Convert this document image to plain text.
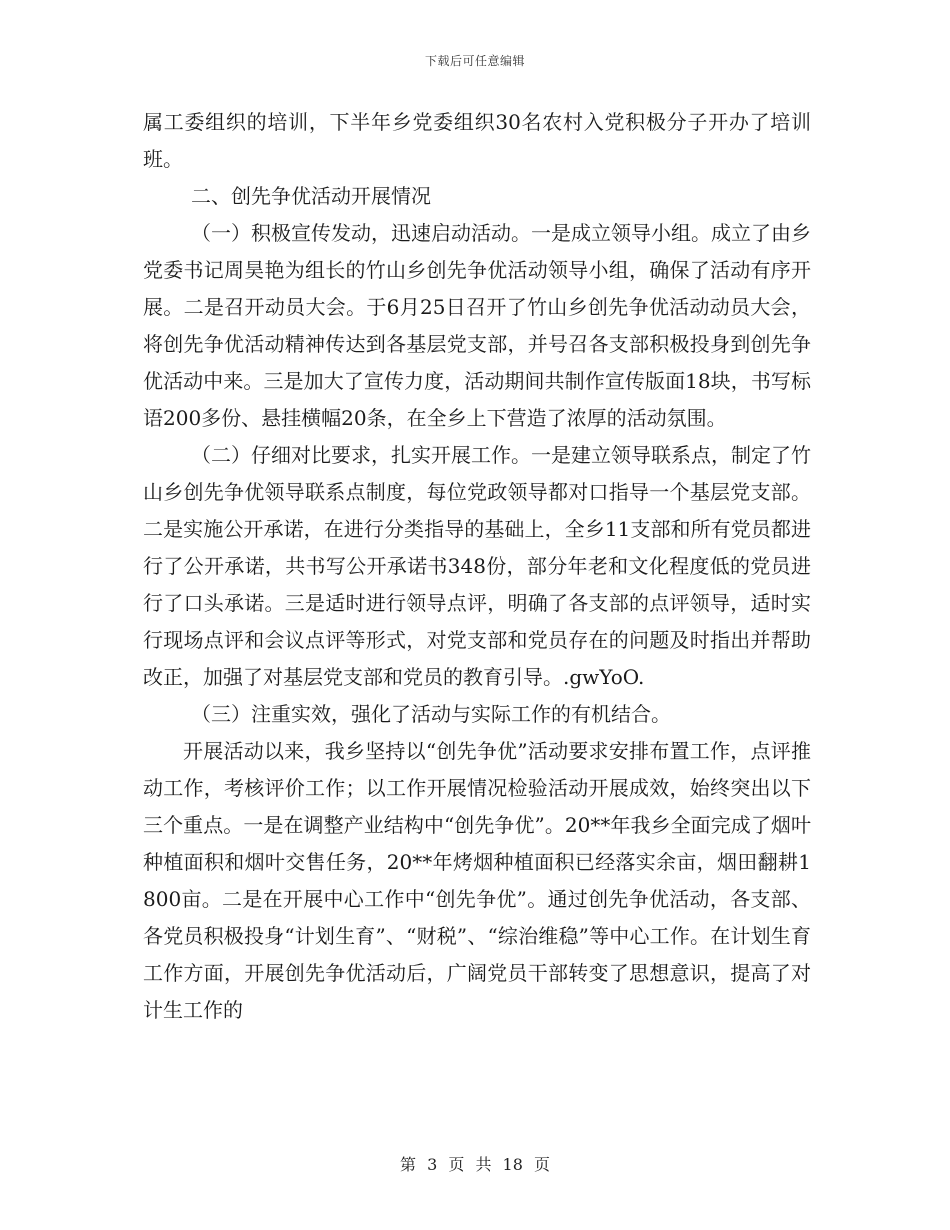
下载后可任意编辑

属工委组织的培训，下半年乡党委组织30名农村入党积极分子开办了培训班。

二、创先争优活动开展情况

（一）积极宣传发动，迅速启动活动。一是成立领导小组。成立了由乡党委书记周昊艳为组长的竹山乡创先争优活动领导小组，确保了活动有序开展。二是召开动员大会。于6月25日召开了竹山乡创先争优活动动员大会，将创先争优活动精神传达到各基层党支部，并号召各支部积极投身到创先争优活动中来。三是加大了宣传力度，活动期间共制作宣传版面18块，书写标语200多份、悬挂横幅20条，在全乡上下营造了浓厚的活动氛围。

（二）仔细对比要求，扎实开展工作。一是建立领导联系点，制定了竹山乡创先争优领导联系点制度，每位党政领导都对口指导一个基层党支部。二是实施公开承诺，在进行分类指导的基础上，全乡11支部和所有党员都进行了公开承诺，共书写公开承诺书348份，部分年老和文化程度低的党员进行了口头承诺。三是适时进行领导点评，明确了各支部的点评领导，适时实行现场点评和会议点评等形式，对党支部和党员存在的问题及时指出并帮助改正，加强了对基层党支部和党员的教育引导。.gwYoO.

（三）注重实效，强化了活动与实际工作的有机结合。

开展活动以来，我乡坚持以“创先争优”活动要求安排布置工作，点评推动工作，考核评价工作；以工作开展情况检验活动开展成效，始终突出以下三个重点。一是在调整产业结构中“创先争优”。20**年我乡全面完成了烟叶种植面积和烟叶交售任务，20**年烤烟种植面积已经落实余亩，烟田翻耕1800亩。二是在开展中心工作中“创先争优”。通过创先争优活动，各支部、各党员积极投身“计划生育”、“财税”、“综治维稳”等中心工作。在计划生育工作方面，开展创先争优活动后，广阔党员干部转变了思想意识，提高了对计生工作的

第 3 页 共 18 页
